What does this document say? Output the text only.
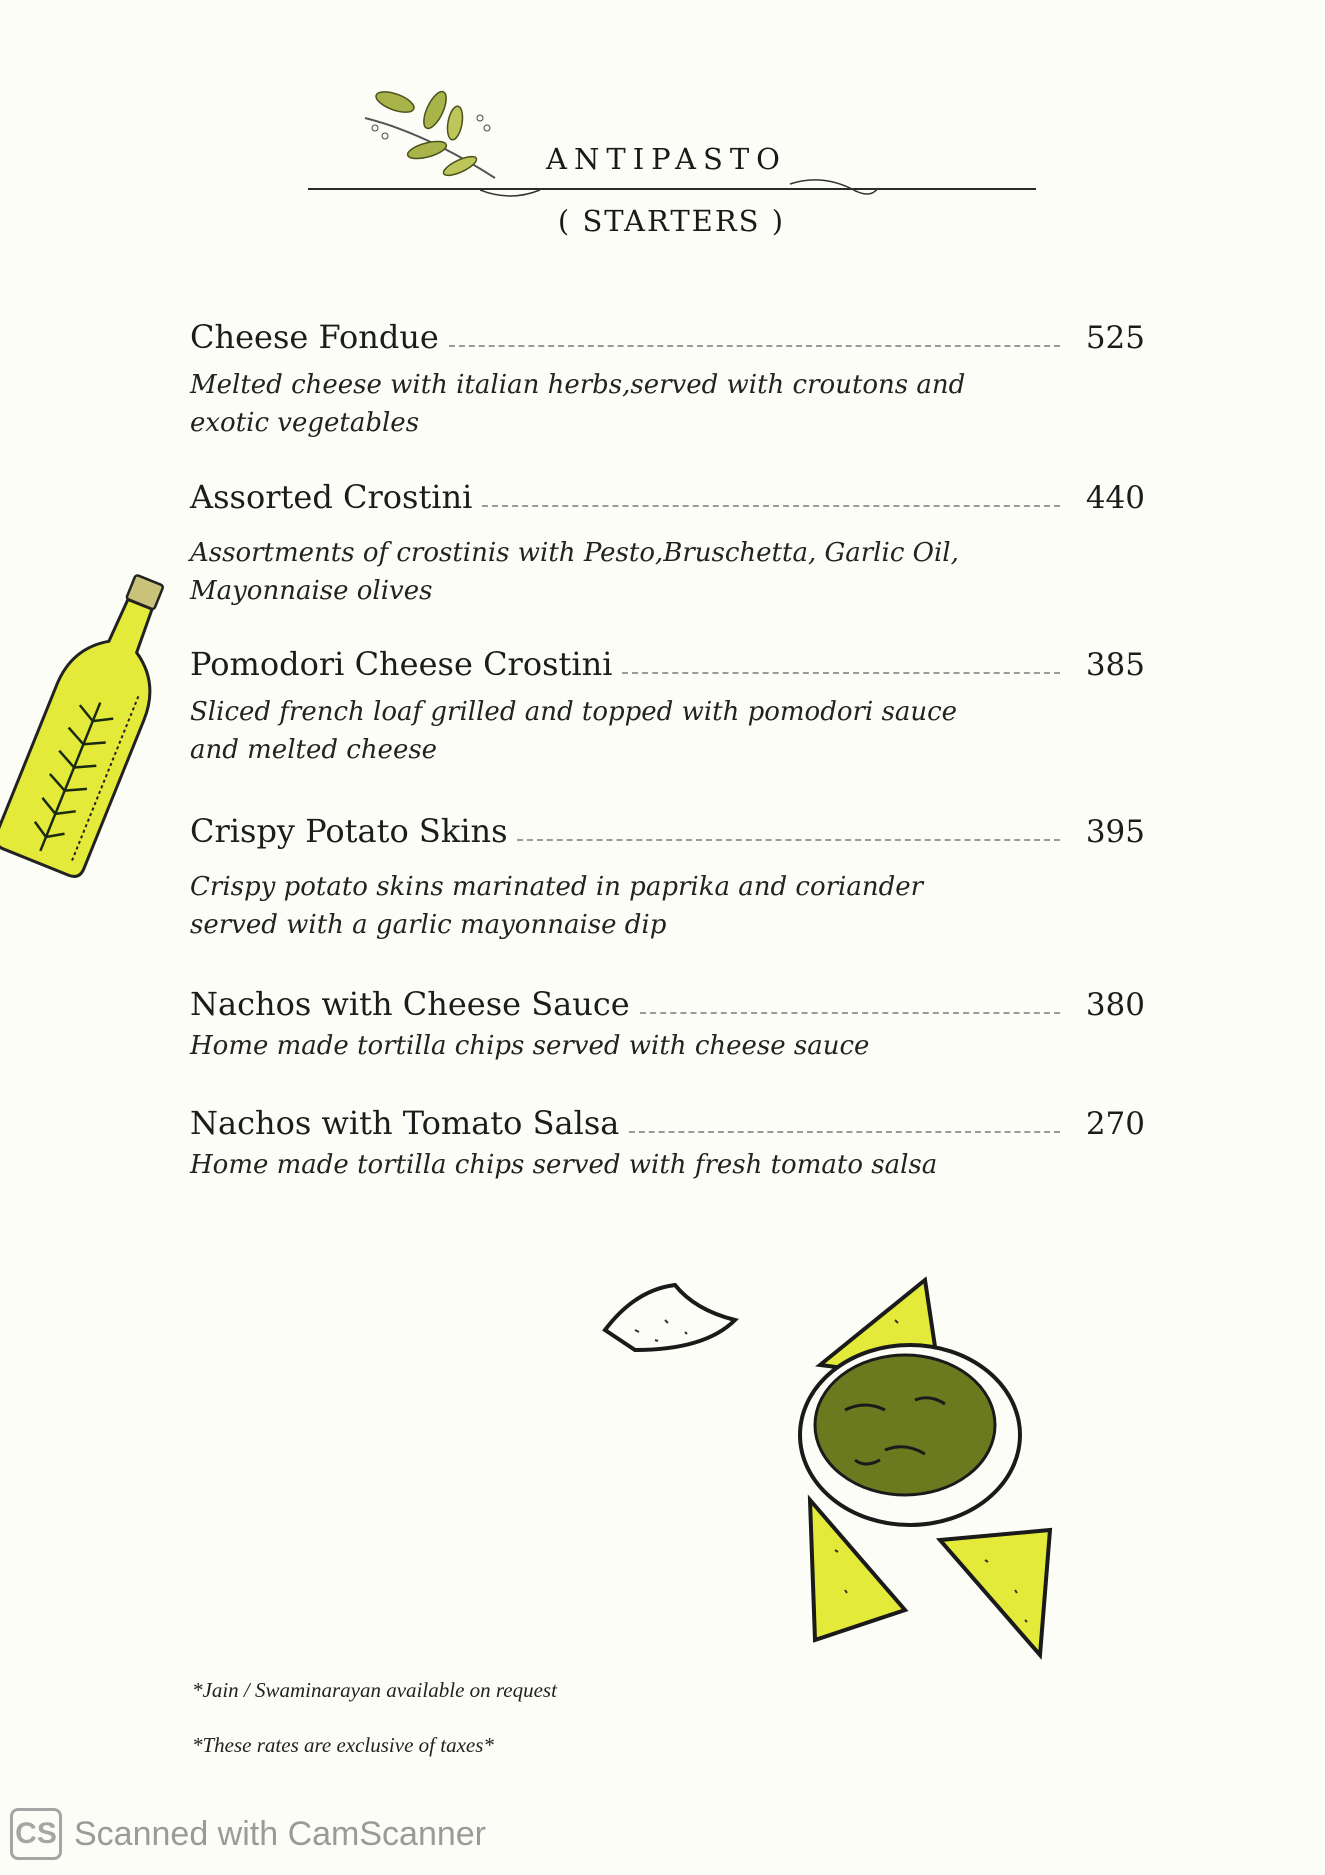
ANTIPASTO
( STARTERS )
Cheese Fondue	525
Melted cheese with italian herbs,served with croutons and exotic vegetables
Assorted Crostini	440
Assortments of crostinis with Pesto,Bruschetta, Garlic Oil, Mayonnaise olives
Pomodori Cheese Crostini	385
Sliced french loaf grilled and topped with pomodori sauce and melted cheese
Crispy Potato Skins	395
Crispy potato skins marinated in paprika and coriander served with a garlic mayonnaise dip
Nachos with Cheese Sauce	380
Home made tortilla chips served with cheese sauce
Nachos with Tomato Salsa	270
Home made tortilla chips served with fresh tomato salsa
*Jain / Swaminarayan available on request
*These rates are exclusive of taxes*
CS Scanned with CamScanner
